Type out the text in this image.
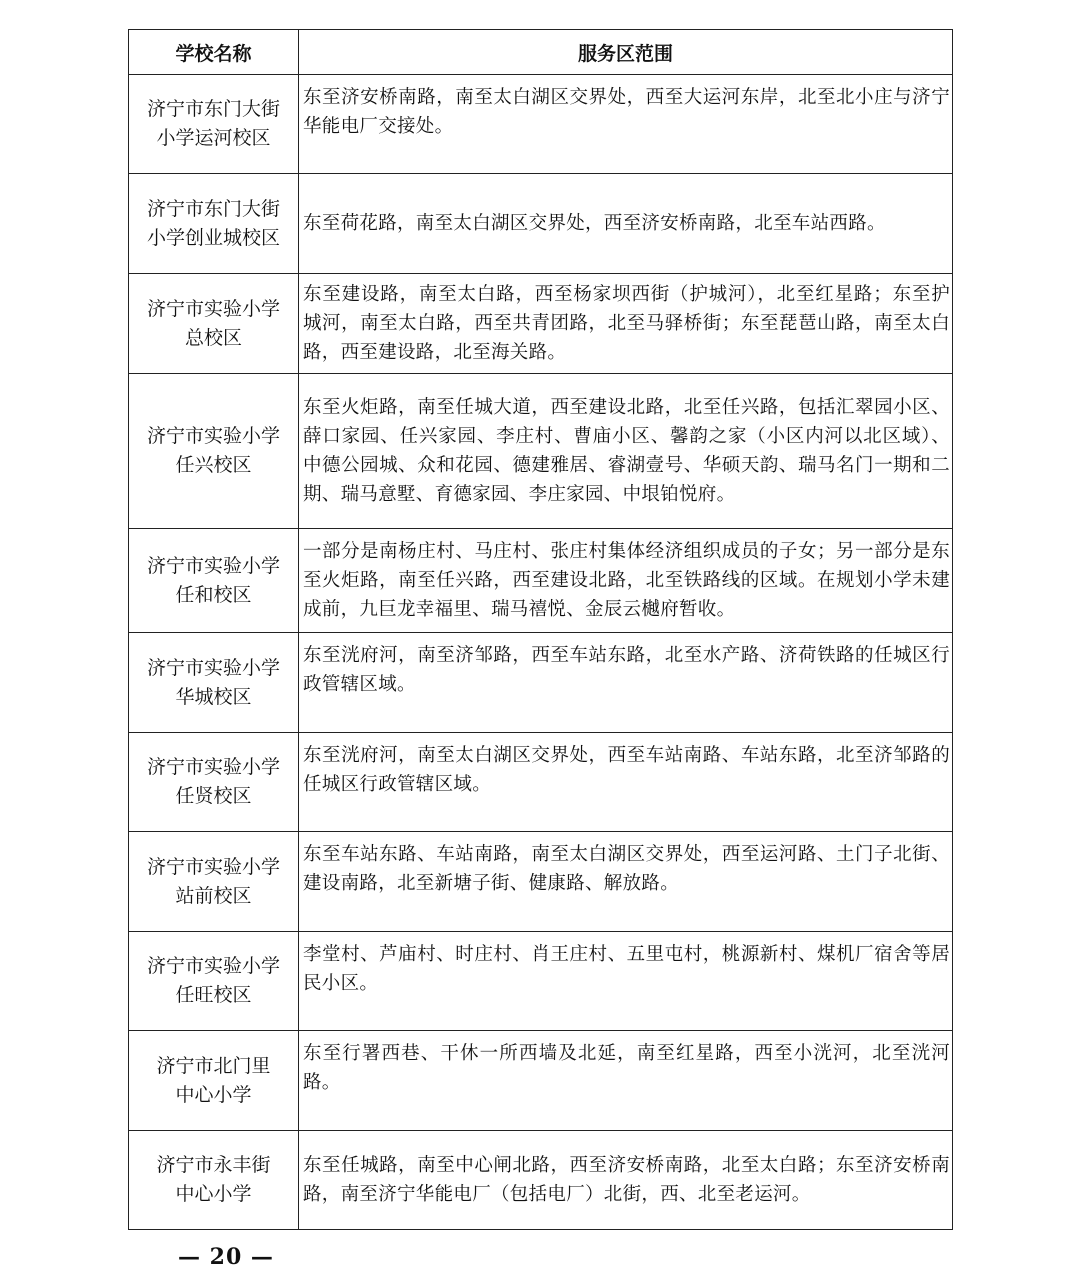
学校名称	服务区范围

济宁市东门大街
小学运河校区	东至济安桥南路，南至太白湖区交界处，西至大运河东岸，北至北小庄与济宁华能电厂交接处。

济宁市东门大街
小学创业城校区	东至荷花路，南至太白湖区交界处，西至济安桥南路，北至车站西路。

济宁市实验小学
总校区	东至建设路，南至太白路，西至杨家坝西街（护城河），北至红星路；东至护城河，南至太白路，西至共青团路，北至马驿桥街；东至琵琶山路，南至太白路，西至建设路，北至海关路。

济宁市实验小学
任兴校区	东至火炬路，南至任城大道，西至建设北路，北至任兴路，包括汇翠园小区、薛口家园、任兴家园、李庄村、曹庙小区、馨韵之家（小区内河以北区域）、中德公园城、众和花园、德建雅居、睿湖壹号、华硕天韵、瑞马名门一期和二期、瑞马意墅、育德家园、李庄家园、中垠铂悦府。

济宁市实验小学
任和校区	一部分是南杨庄村、马庄村、张庄村集体经济组织成员的子女；另一部分是东至火炬路，南至任兴路，西至建设北路，北至铁路线的区域。在规划小学未建成前，九巨龙幸福里、瑞马禧悦、金辰云樾府暂收。

济宁市实验小学
华城校区	东至洸府河，南至济邹路，西至车站东路，北至水产路、济荷铁路的任城区行政管辖区域。

济宁市实验小学
任贤校区	东至洸府河，南至太白湖区交界处，西至车站南路、车站东路，北至济邹路的任城区行政管辖区域。

济宁市实验小学
站前校区	东至车站东路、车站南路，南至太白湖区交界处，西至运河路、土门子北街、建设南路，北至新塘子街、健康路、解放路。

济宁市实验小学
任旺校区	李堂村、芦庙村、时庄村、肖王庄村、五里屯村，桃源新村、煤机厂宿舍等居民小区。

济宁市北门里
中心小学	东至行署西巷、干休一所西墙及北延，南至红星路，西至小洸河，北至洸河路。

济宁市永丰街
中心小学	东至任城路，南至中心闸北路，西至济安桥南路，北至太白路；东至济安桥南路，南至济宁华能电厂（包括电厂）北街，西、北至老运河。
— 20 —
